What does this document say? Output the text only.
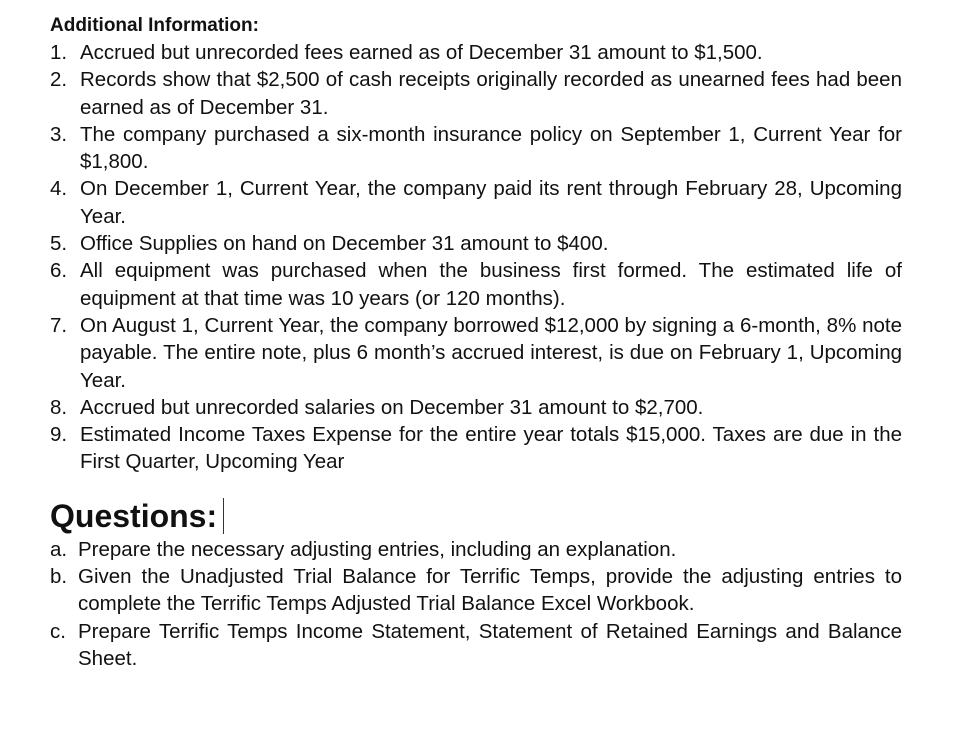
Additional Information:
1. Accrued but unrecorded fees earned as of December 31 amount to $1,500.
2. Records show that $2,500 of cash receipts originally recorded as unearned fees had been earned as of December 31.
3. The company purchased a six-month insurance policy on September 1, Current Year for $1,800.
4. On December 1, Current Year, the company paid its rent through February 28, Upcoming Year.
5. Office Supplies on hand on December 31 amount to $400.
6. All equipment was purchased when the business first formed. The estimated life of equipment at that time was 10 years (or 120 months).
7. On August 1, Current Year, the company borrowed $12,000 by signing a 6-month, 8% note payable. The entire note, plus 6 month’s accrued interest, is due on February 1, Upcoming Year.
8. Accrued but unrecorded salaries on December 31 amount to $2,700.
9. Estimated Income Taxes Expense for the entire year totals $15,000. Taxes are due in the First Quarter, Upcoming Year
Questions:
a. Prepare the necessary adjusting entries, including an explanation.
b. Given the Unadjusted Trial Balance for Terrific Temps, provide the adjusting entries to complete the Terrific Temps Adjusted Trial Balance Excel Workbook.
c. Prepare Terrific Temps Income Statement, Statement of Retained Earnings and Balance Sheet.
